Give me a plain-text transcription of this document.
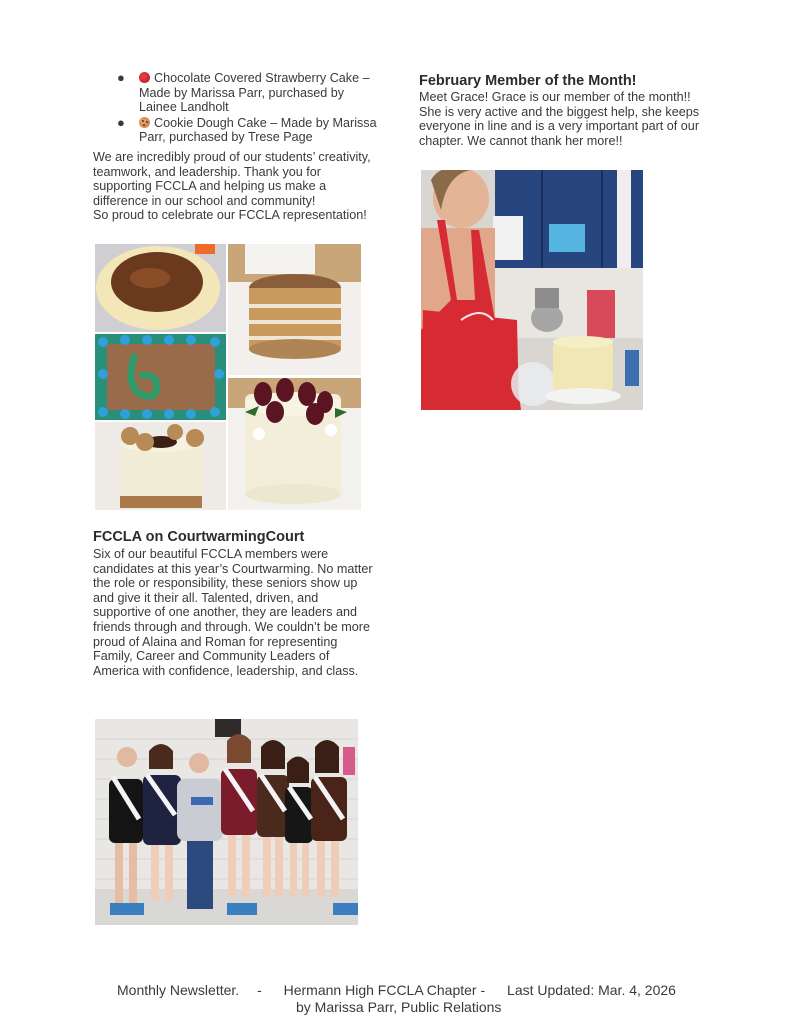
● Chocolate Covered Strawberry Cake –Made by Marissa Parr, purchased by Lainee Landholt
● Cookie Dough Cake – Made by Marissa Parr, purchased by Trese Page
We are incredibly proud of our students’ creativity, teamwork, and leadership. Thank you for supporting FCCLA and helping us make a difference in our school and community!
So proud to celebrate our FCCLA representation!
FCCLA on CourtwarmingCourt
Six of our beautiful FCCLA members were candidates at this year’s Courtwarming. No matter the role or responsibility, these seniors show up and give it their all. Talented, driven, and supportive of one another, they are leaders and friends through and through. We couldn’t be more proud of Alaina and Roman for representing Family, Career and Community Leaders of America with confidence, leadership, and class.
February Member of the Month!
Meet Grace! Grace is our member of the month!! She is very active and the biggest help, she keeps everyone in line and is a very important part of our chapter. We cannot thank her more!!
Monthly Newsletter. - Hermann High FCCLA Chapter - Last Updated: Mar. 4, 2026
by Marissa Parr, Public Relations
